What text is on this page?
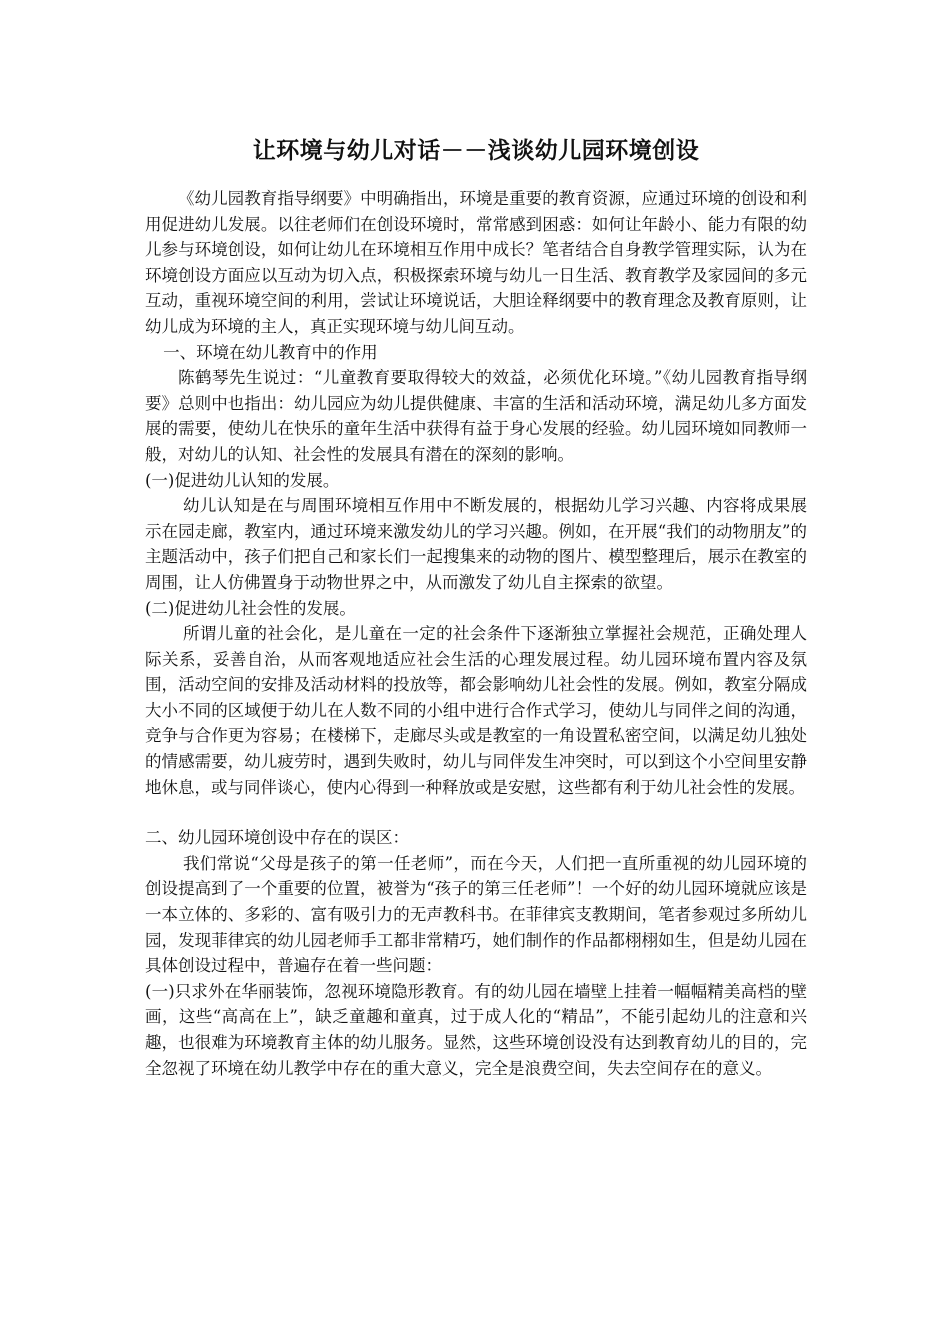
让环境与幼儿对话－－浅谈幼儿园环境创设

《幼儿园教育指导纲要》中明确指出，环境是重要的教育资源，应通过环境的创设和利用促进幼儿发展。以往老师们在创设环境时，常常感到困惑：如何让年龄小、能力有限的幼儿参与环境创设，如何让幼儿在环境相互作用中成长？笔者结合自身教学管理实际，认为在环境创设方面应以互动为切入点，积极探索环境与幼儿一日生活、教育教学及家园间的多元互动，重视环境空间的利用，尝试让环境说话，大胆诠释纲要中的教育理念及教育原则，让幼儿成为环境的主人，真正实现环境与幼儿间互动。

一、环境在幼儿教育中的作用

陈鹤琴先生说过：“儿童教育要取得较大的效益，必须优化环境。”《幼儿园教育指导纲要》总则中也指出：幼儿园应为幼儿提供健康、丰富的生活和活动环境，满足幼儿多方面发展的需要，使幼儿在快乐的童年生活中获得有益于身心发展的经验。幼儿园环境如同教师一般，对幼儿的认知、社会性的发展具有潜在的深刻的影响。

(一)促进幼儿认知的发展。

幼儿认知是在与周围环境相互作用中不断发展的，根据幼儿学习兴趣、内容将成果展示在园走廊，教室内，通过环境来激发幼儿的学习兴趣。例如，在开展“我们的动物朋友”的主题活动中，孩子们把自己和家长们一起搜集来的动物的图片、模型整理后，展示在教室的周围，让人仿佛置身于动物世界之中，从而激发了幼儿自主探索的欲望。

(二)促进幼儿社会性的发展。

所谓儿童的社会化，是儿童在一定的社会条件下逐渐独立掌握社会规范，正确处理人际关系，妥善自治，从而客观地适应社会生活的心理发展过程。幼儿园环境布置内容及氛围，活动空间的安排及活动材料的投放等，都会影响幼儿社会性的发展。例如，教室分隔成大小不同的区域便于幼儿在人数不同的小组中进行合作式学习，使幼儿与同伴之间的沟通，竞争与合作更为容易；在楼梯下，走廊尽头或是教室的一角设置私密空间，以满足幼儿独处的情感需要，幼儿疲劳时，遇到失败时，幼儿与同伴发生冲突时，可以到这个小空间里安静地休息，或与同伴谈心，使内心得到一种释放或是安慰，这些都有利于幼儿社会性的发展。

二、幼儿园环境创设中存在的误区：

我们常说“父母是孩子的第一任老师”，而在今天，人们把一直所重视的幼儿园环境的创设提高到了一个重要的位置，被誉为“孩子的第三任老师”！一个好的幼儿园环境就应该是一本立体的、多彩的、富有吸引力的无声教科书。在菲律宾支教期间，笔者参观过多所幼儿园，发现菲律宾的幼儿园老师手工都非常精巧，她们制作的作品都栩栩如生，但是幼儿园在具体创设过程中，普遍存在着一些问题：

(一)只求外在华丽装饰，忽视环境隐形教育。有的幼儿园在墙壁上挂着一幅幅精美高档的壁画，这些“高高在上”，缺乏童趣和童真，过于成人化的“精品”，不能引起幼儿的注意和兴趣，也很难为环境教育主体的幼儿服务。显然，这些环境创设没有达到教育幼儿的目的，完全忽视了环境在幼儿教学中存在的重大意义，完全是浪费空间，失去空间存在的意义。
